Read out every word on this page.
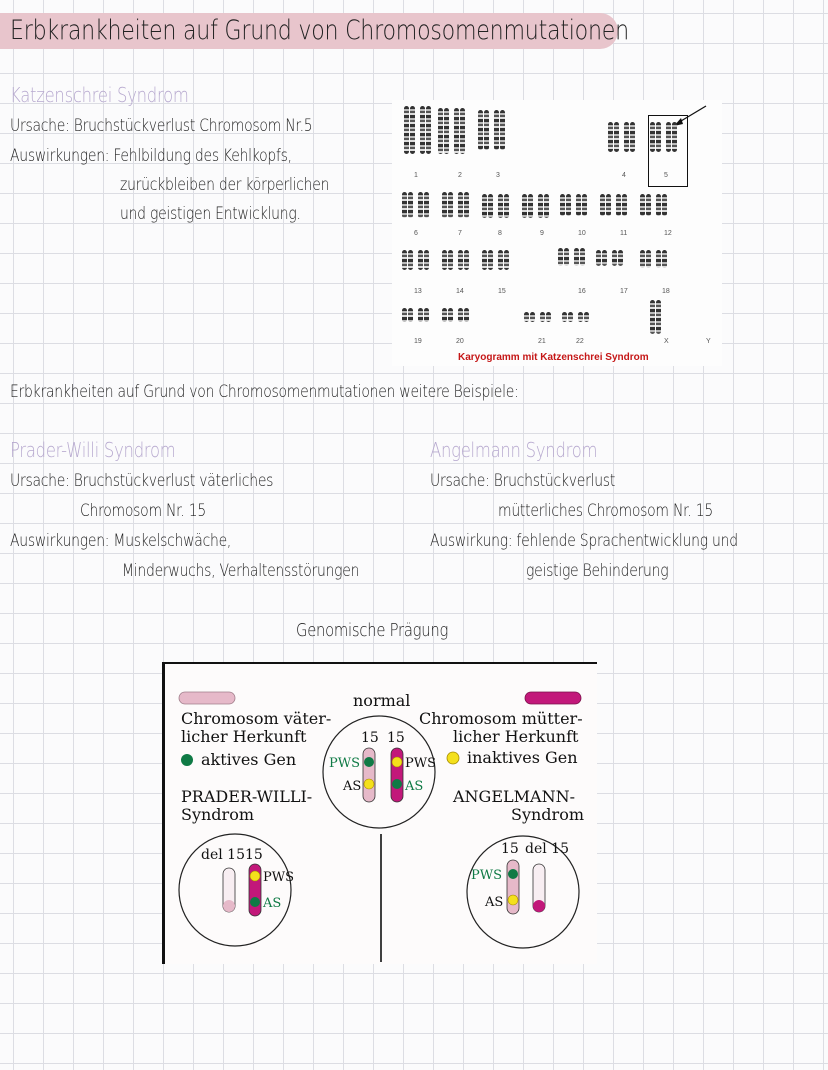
Erbkrankheiten auf Grund von Chromosomenmutationen
Katzenschrei Syndrom
Ursache: Bruchstückverlust Chromosom Nr.5
Auswirkungen: Fehlbildung des Kehlkopfs,
zurückbleiben der körperlichen
und geistigen Entwicklung.
Karyogramm mit Katzenschrei Syndrom
1	2	3	4	5
6	7	8	9	10	11	12
13	14	15	16	17	18
19	20	21	22	X	Y
Erbkrankheiten auf Grund von Chromosomenmutationen weitere Beispiele:
Prader-Willi Syndrom
Ursache: Bruchstückverlust väterliches
Chromosom Nr. 15
Auswirkungen: Muskelschwäche,
Minderwuchs, Verhaltensstörungen
Angelmann Syndrom
Ursache: Bruchstückverlust
mütterliches Chromosom Nr. 15
Auswirkung: fehlende Sprachentwicklung und
geistige Behinderung
Genomische Prägung
normal
Chromosom väter-
licher Herkunft
aktives Gen
Chromosom mütter-
licher Herkunft
inaktives Gen
15 15
PWS
AS
PWS
AS
PRADER-WILLI-
Syndrom
ANGELMANN-
Syndrom
del 15 15
PWS
AS
15 del 15
PWS
AS
